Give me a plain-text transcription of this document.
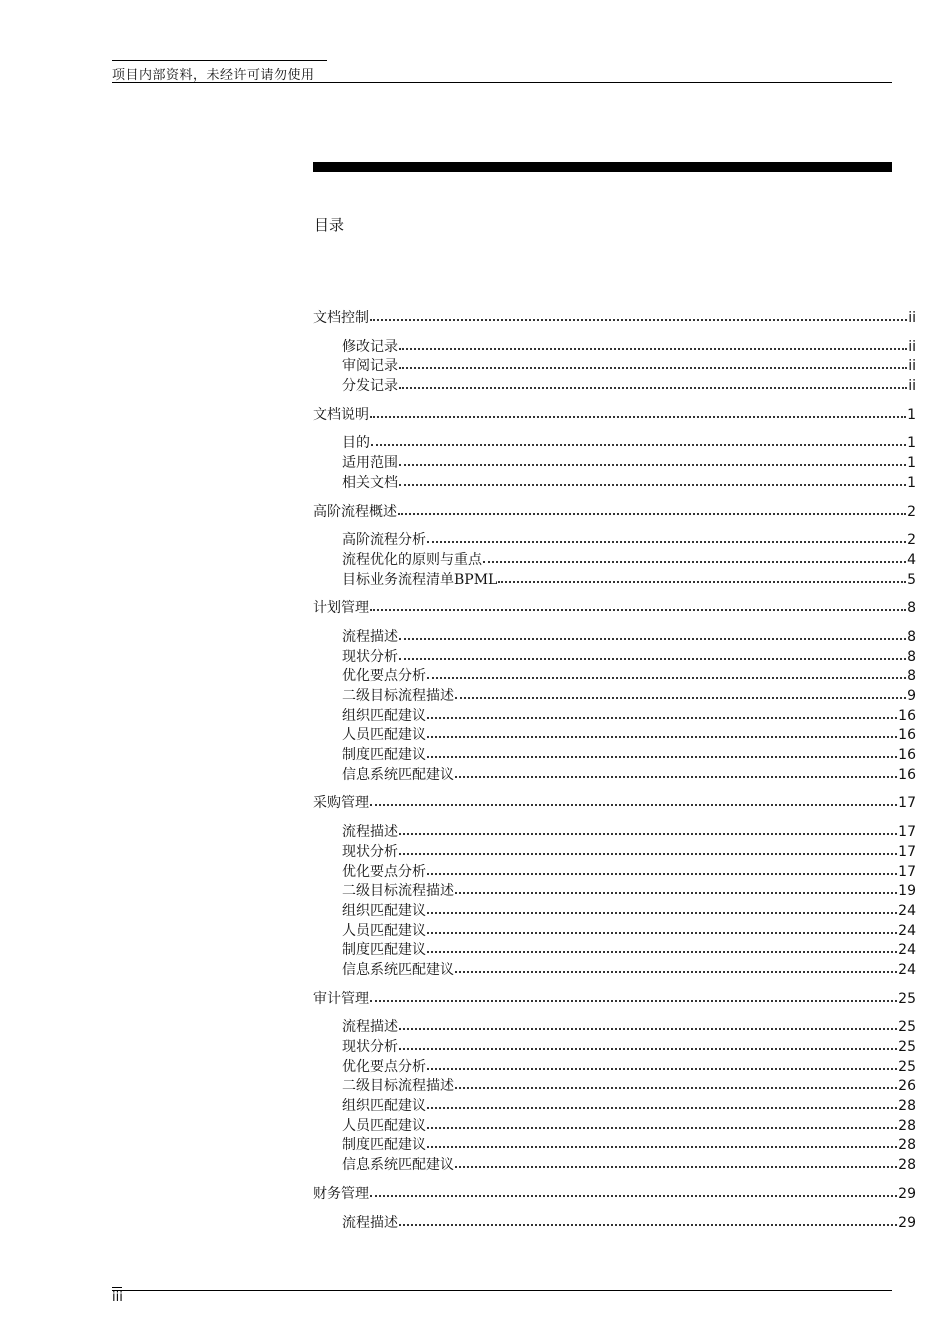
项目内部资料，未经许可请勿使用
目录
文档控制	ii
修改记录	ii
审阅记录	ii
分发记录	ii
文档说明	1
目的	1
适用范围	1
相关文档	1
高阶流程概述	2
高阶流程分析	2
流程优化的原则与重点	4
目标业务流程清单BPML	5
计划管理	8
流程描述	8
现状分析	8
优化要点分析	8
二级目标流程描述	9
组织匹配建议	16
人员匹配建议	16
制度匹配建议	16
信息系统匹配建议	16
采购管理	17
流程描述	17
现状分析	17
优化要点分析	17
二级目标流程描述	19
组织匹配建议	24
人员匹配建议	24
制度匹配建议	24
信息系统匹配建议	24
审计管理	25
流程描述	25
现状分析	25
优化要点分析	25
二级目标流程描述	26
组织匹配建议	28
人员匹配建议	28
制度匹配建议	28
信息系统匹配建议	28
财务管理	29
流程描述	29
iii
